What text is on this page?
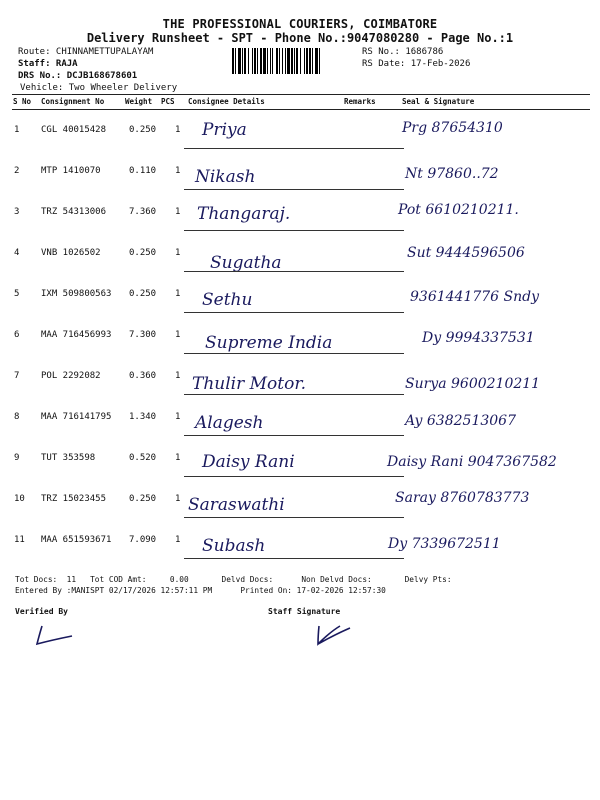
THE PROFESSIONAL COURIERS, COIMBATORE
Delivery Runsheet - SPT - Phone No.:9047080280 - Page No.:1
Route: CHINNAMETTUPALAYAM
Staff: RAJA
DRS No.: DCJB168678601
RS No.: 1686786
RS Date: 17-Feb-2026
Vehicle: Two Wheeler Delivery
S No Consignment No	Weight PCS Consignee Details	Remarks	Seal & Signature
1 CGL 40015428	0.250 1 Priya	Prg 87654310
2 MTP 1410070	0.110 1 Nikash	Nt 97860..72
3 TRZ 54313006	7.360 1 Thangaraj.	Pot 6610210211.
4 VNB 1026502	0.250 1 Sugatha	Sut 9444596506
5 IXM 509800563 0.250 1 Sethu	9361441776 Sndy
6 MAA 716456993 7.300 1 Supreme India	Dy 9994337531
7 POL 2292082	0.360 1 Thulir Motor.	Surya 9600210211
8 MAA 716141795 1.340 1 Alagesh	Ay 6382513067
9 TUT 353598	0.520 1 Daisy Rani	Daisy Rani 9047367582
10 TRZ 15023455	0.250 1 Saraswathi	Saray 8760783773
11 MAA 651593671 7.090 1 Subash	Dy 7339672511
Tot Docs:  11   Tot COD Amt:     0.00       Delvd Docs:      Non Delvd Docs:       Delvy Pts:
Entered By :MANISPT 02/17/2026 12:57:11 PM      Printed On: 17-02-2026 12:57:30
Verified By	Staff Signature
